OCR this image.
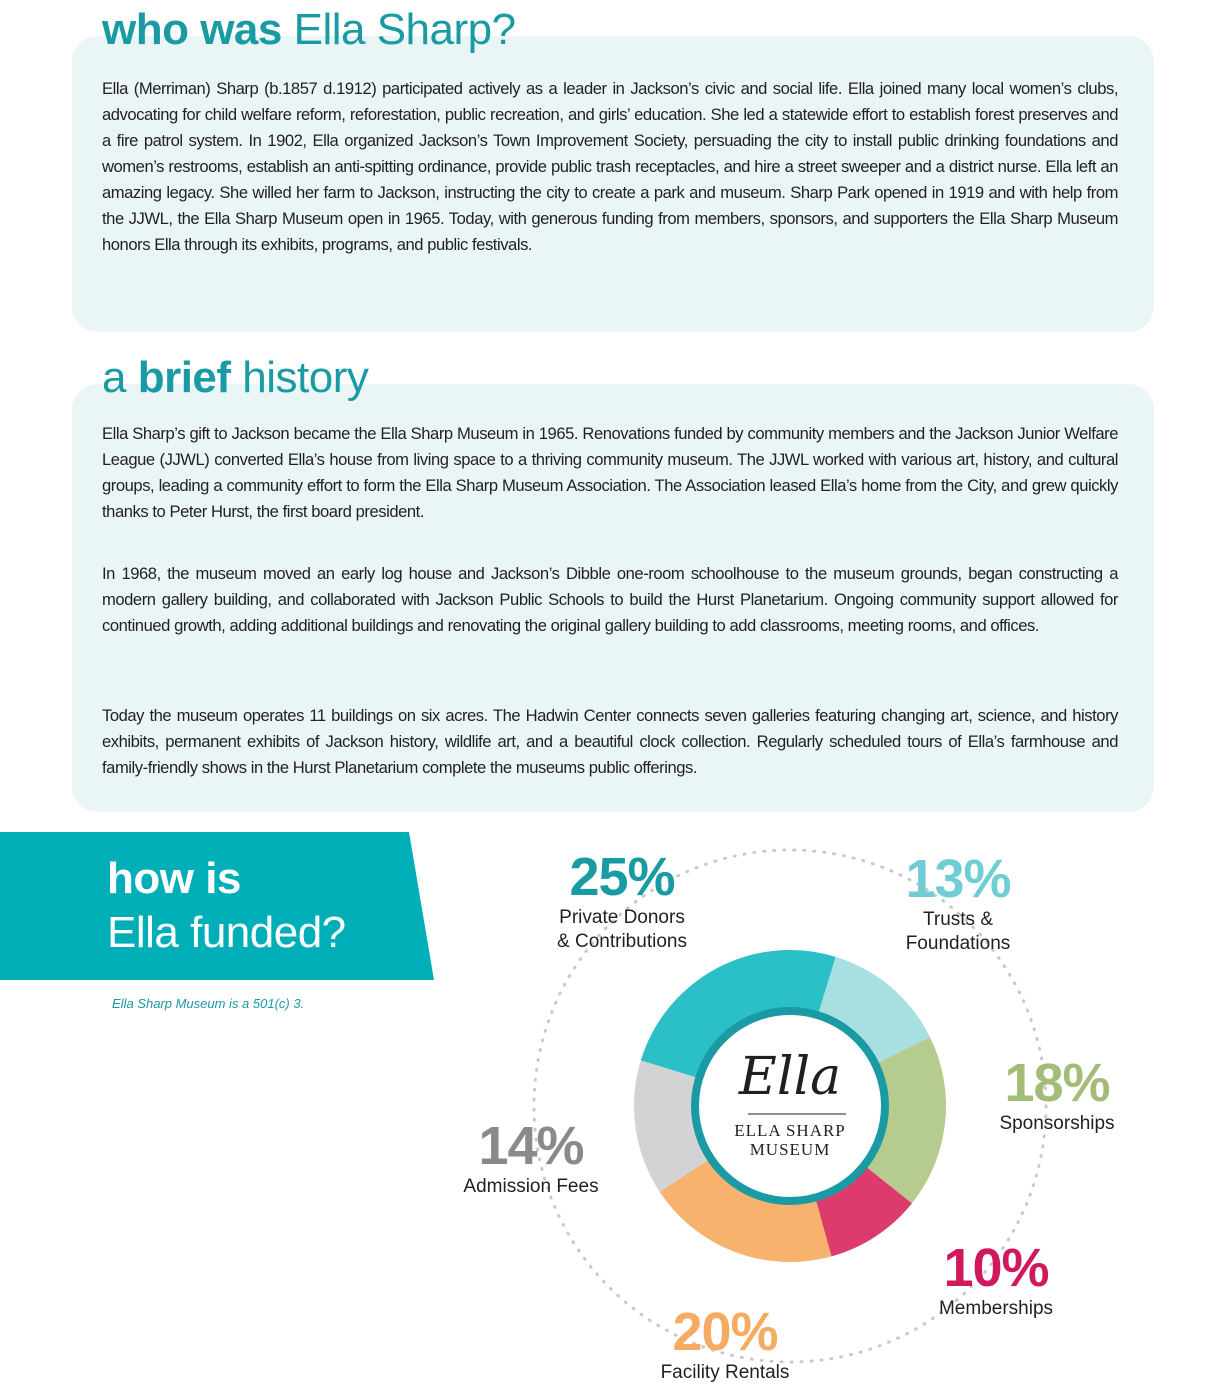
who was Ella Sharp?

Ella (Merriman) Sharp (b.1857 d.1912) participated actively as a leader in Jackson’s civic and social life. Ella joined many local women’s clubs, advocating for child welfare reform, reforestation, public recreation, and girls’ education. She led a statewide effort to establish forest preserves and a fire patrol system. In 1902, Ella organized Jackson’s Town Improvement Society, persuading the city to install public drinking foundations and women’s restrooms, establish an anti-spitting ordinance, provide public trash receptacles, and hire a street sweeper and a district nurse. Ella left an amazing legacy. She willed her farm to Jackson, instructing the city to create a park and museum. Sharp Park opened in 1919 and with help from the JJWL, the Ella Sharp Museum open in 1965. Today, with generous funding from members, sponsors, and supporters the Ella Sharp Museum honors Ella through its exhibits, programs, and public festivals.

a brief history

Ella Sharp’s gift to Jackson became the Ella Sharp Museum in 1965. Renovations funded by community members and the Jackson Junior Welfare League (JJWL) converted Ella’s house from living space to a thriving community museum. The JJWL worked with various art, history, and cultural groups, leading a community effort to form the Ella Sharp Museum Association. The Association leased Ella’s home from the City, and grew quickly thanks to Peter Hurst, the first board president.

In 1968, the museum moved an early log house and Jackson’s Dibble one-room schoolhouse to the museum grounds, began constructing a modern gallery building, and collaborated with Jackson Public Schools to build the Hurst Planetarium. Ongoing community support allowed for continued growth, adding additional buildings and renovating the original gallery building to add classrooms, meeting rooms, and offices.

Today the museum operates 11 buildings on six acres. The Hadwin Center connects seven galleries featuring changing art, science, and history exhibits, permanent exhibits of Jackson history, wildlife art, and a beautiful clock collection. Regularly scheduled tours of Ella’s farmhouse and family-friendly shows in the Hurst Planetarium complete the museums public offerings.

how is
Ella funded?

Ella Sharp Museum is a 501(c) 3.

Ella
ELLA SHARP
MUSEUM
13%
Trusts &
Foundations
18%
Sponsorships
10%
Memberships
20%
Facility Rentals
14%
Admission Fees
25%
Private Donors
& Contributions
